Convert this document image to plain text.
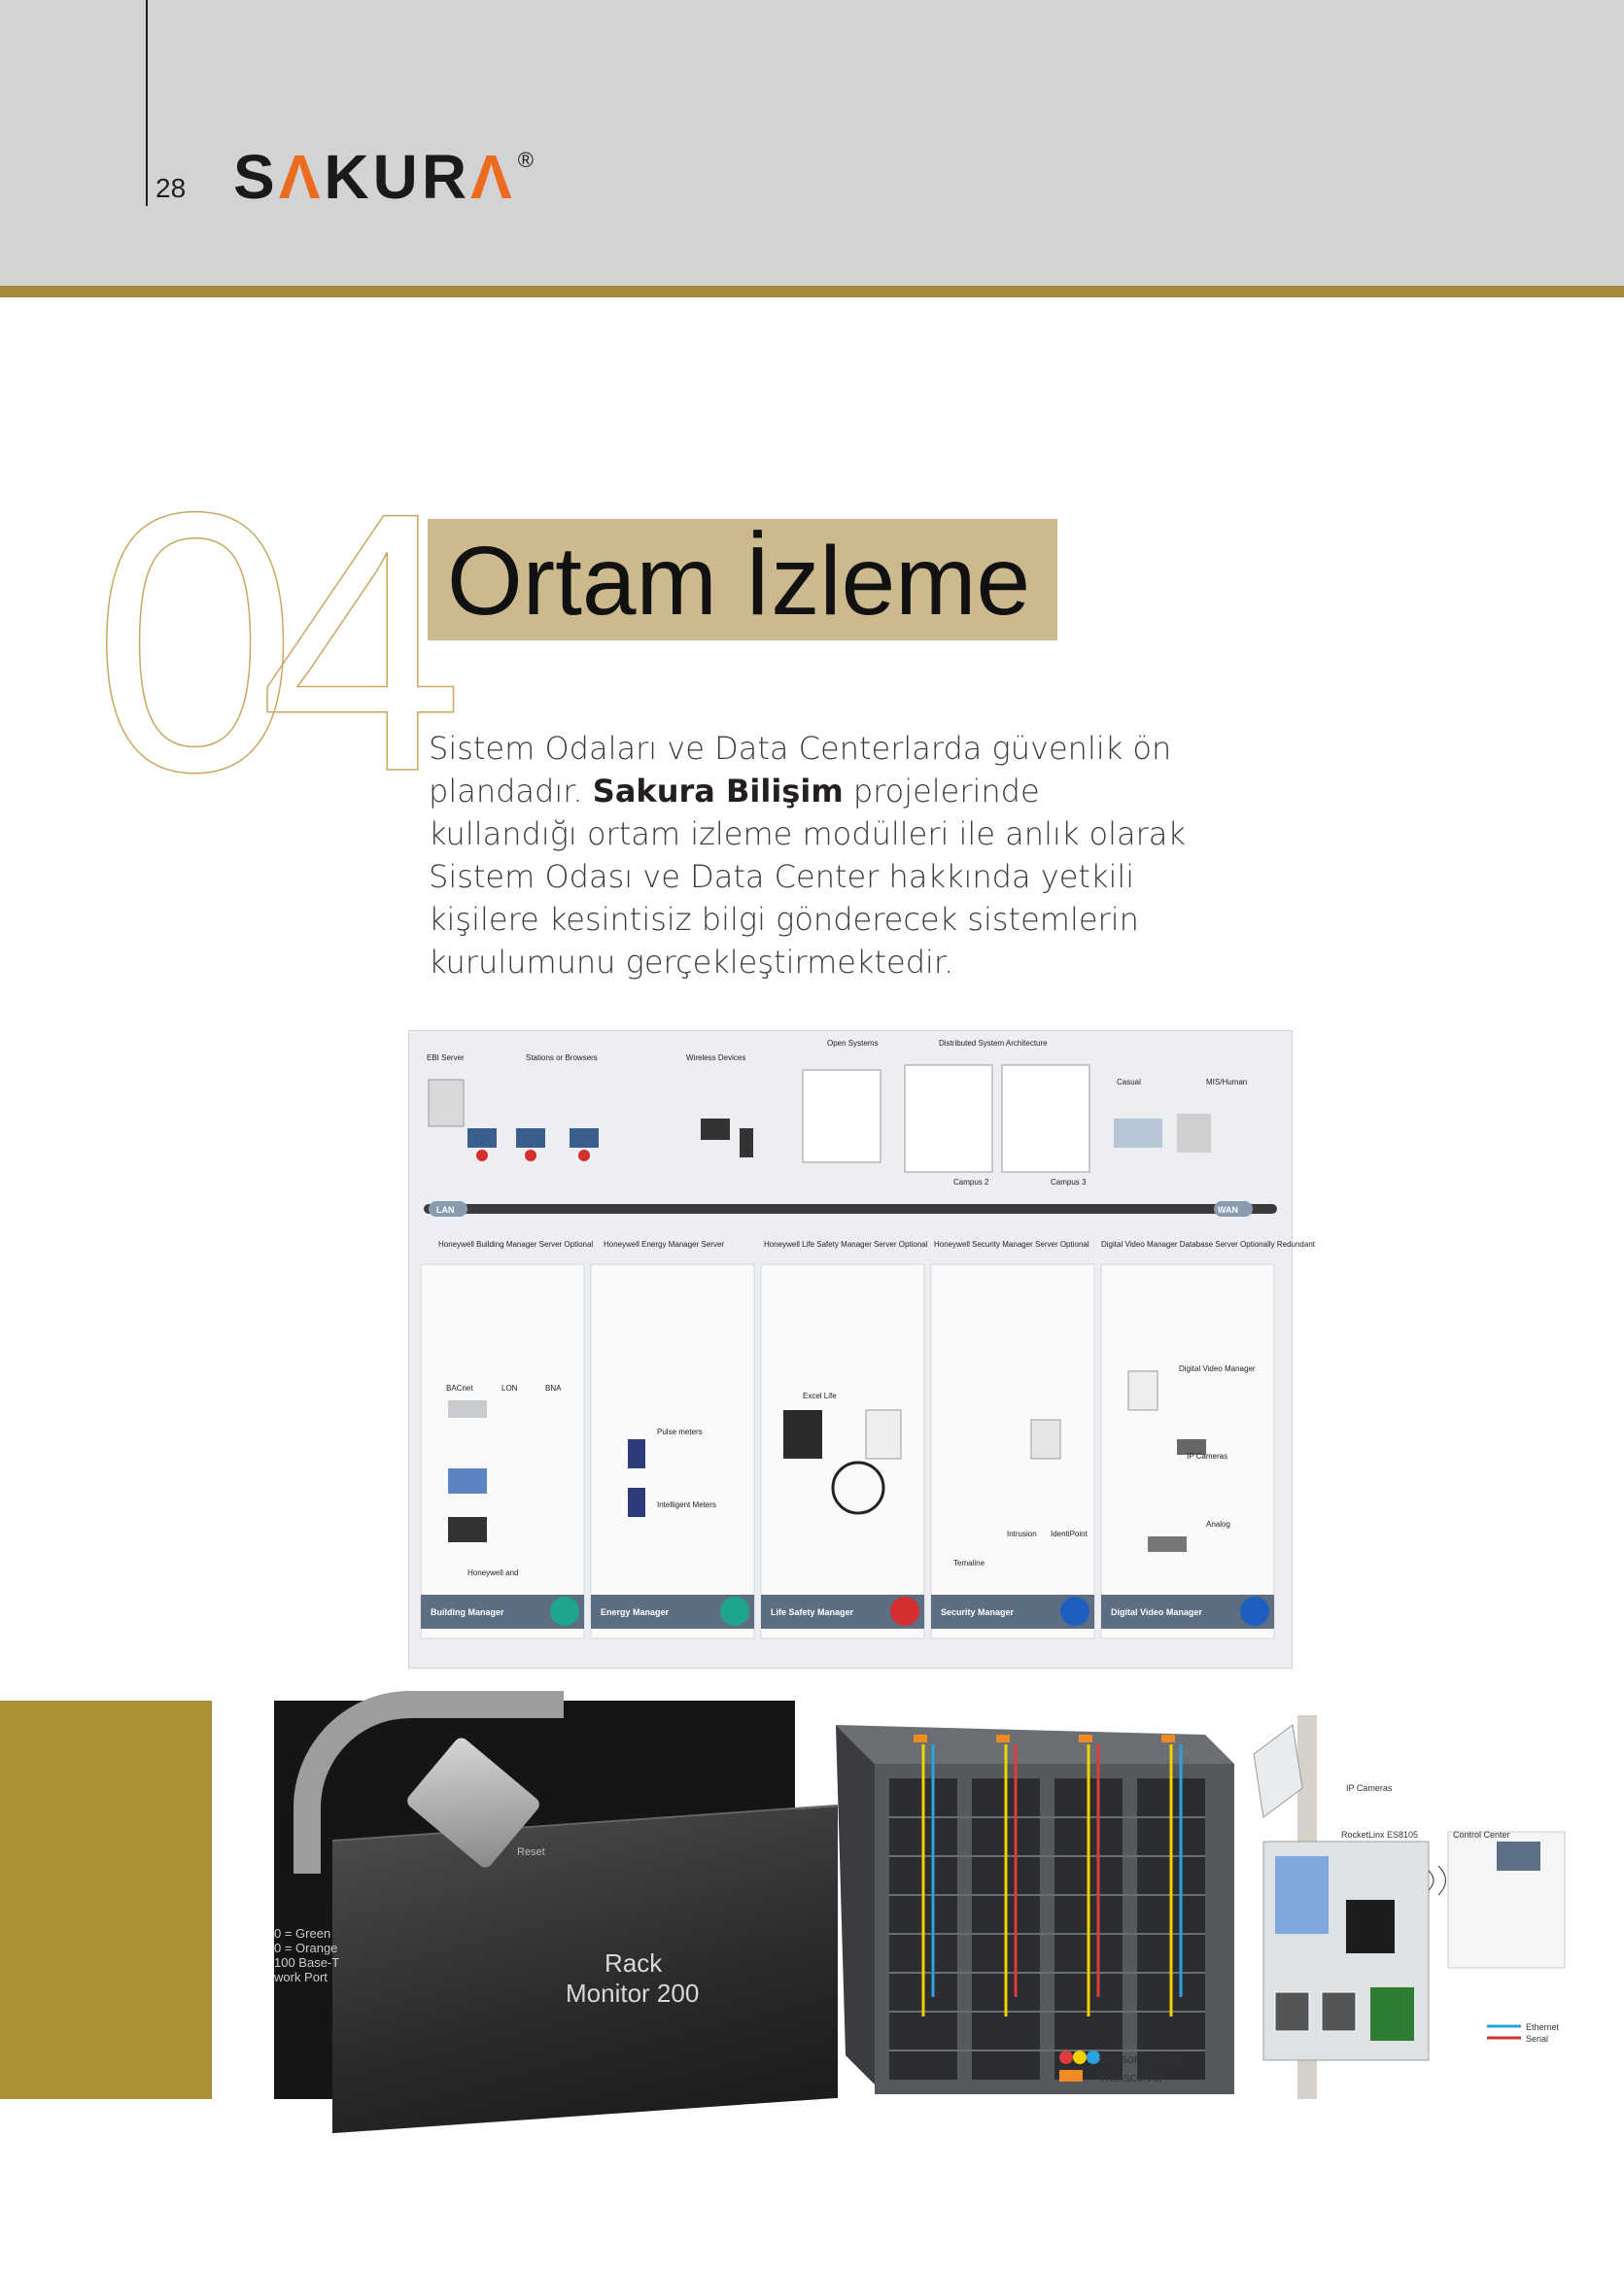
28 SΛKURΛ®
04 Ortam İzleme
Sistem Odaları ve Data Centerlarda güvenlik ön plandadır. Sakura Bilişim projelerinde kullandığı ortam izleme modülleri ile anlık olarak Sistem Odası ve Data Center hakkında yetkili kişilere kesintisiz bilgi gönderecek sistemlerin kurulumunu gerçekleştirmektedir.
LAN	WAN
EBI Server	Stations or Browsers	Wireless Devices
Open Systems	Distributed System Architecture
Casual	MIS/Human
Campus 2	Campus 3
Honeywell Building Manager Server Optional Honeywell Energy Manager Server	Honeywell Life Safety Manager Server Optional Honeywell Security Manager Server Optional Digital Video Manager Database Server Optionally Redundant
Building Manager	Energy Manager	Life Safety Manager	Security Manager	Digital Video Manager
BACnet	LON	BNA
Honeywell and
Pulse meters
Intelligent Meters
Excel Life
Intrusion IdentiPoint
Temaline
Digital Video Manager
IP Cameras
Analog
Reset
0 = Green
0 = Orange
100 Base-T
work Port	Rack
Monitor 200
Sensor Probes
Transceiver
IP Cameras
RocketLinx ES8105	Control Center
Ethernet
Serial
